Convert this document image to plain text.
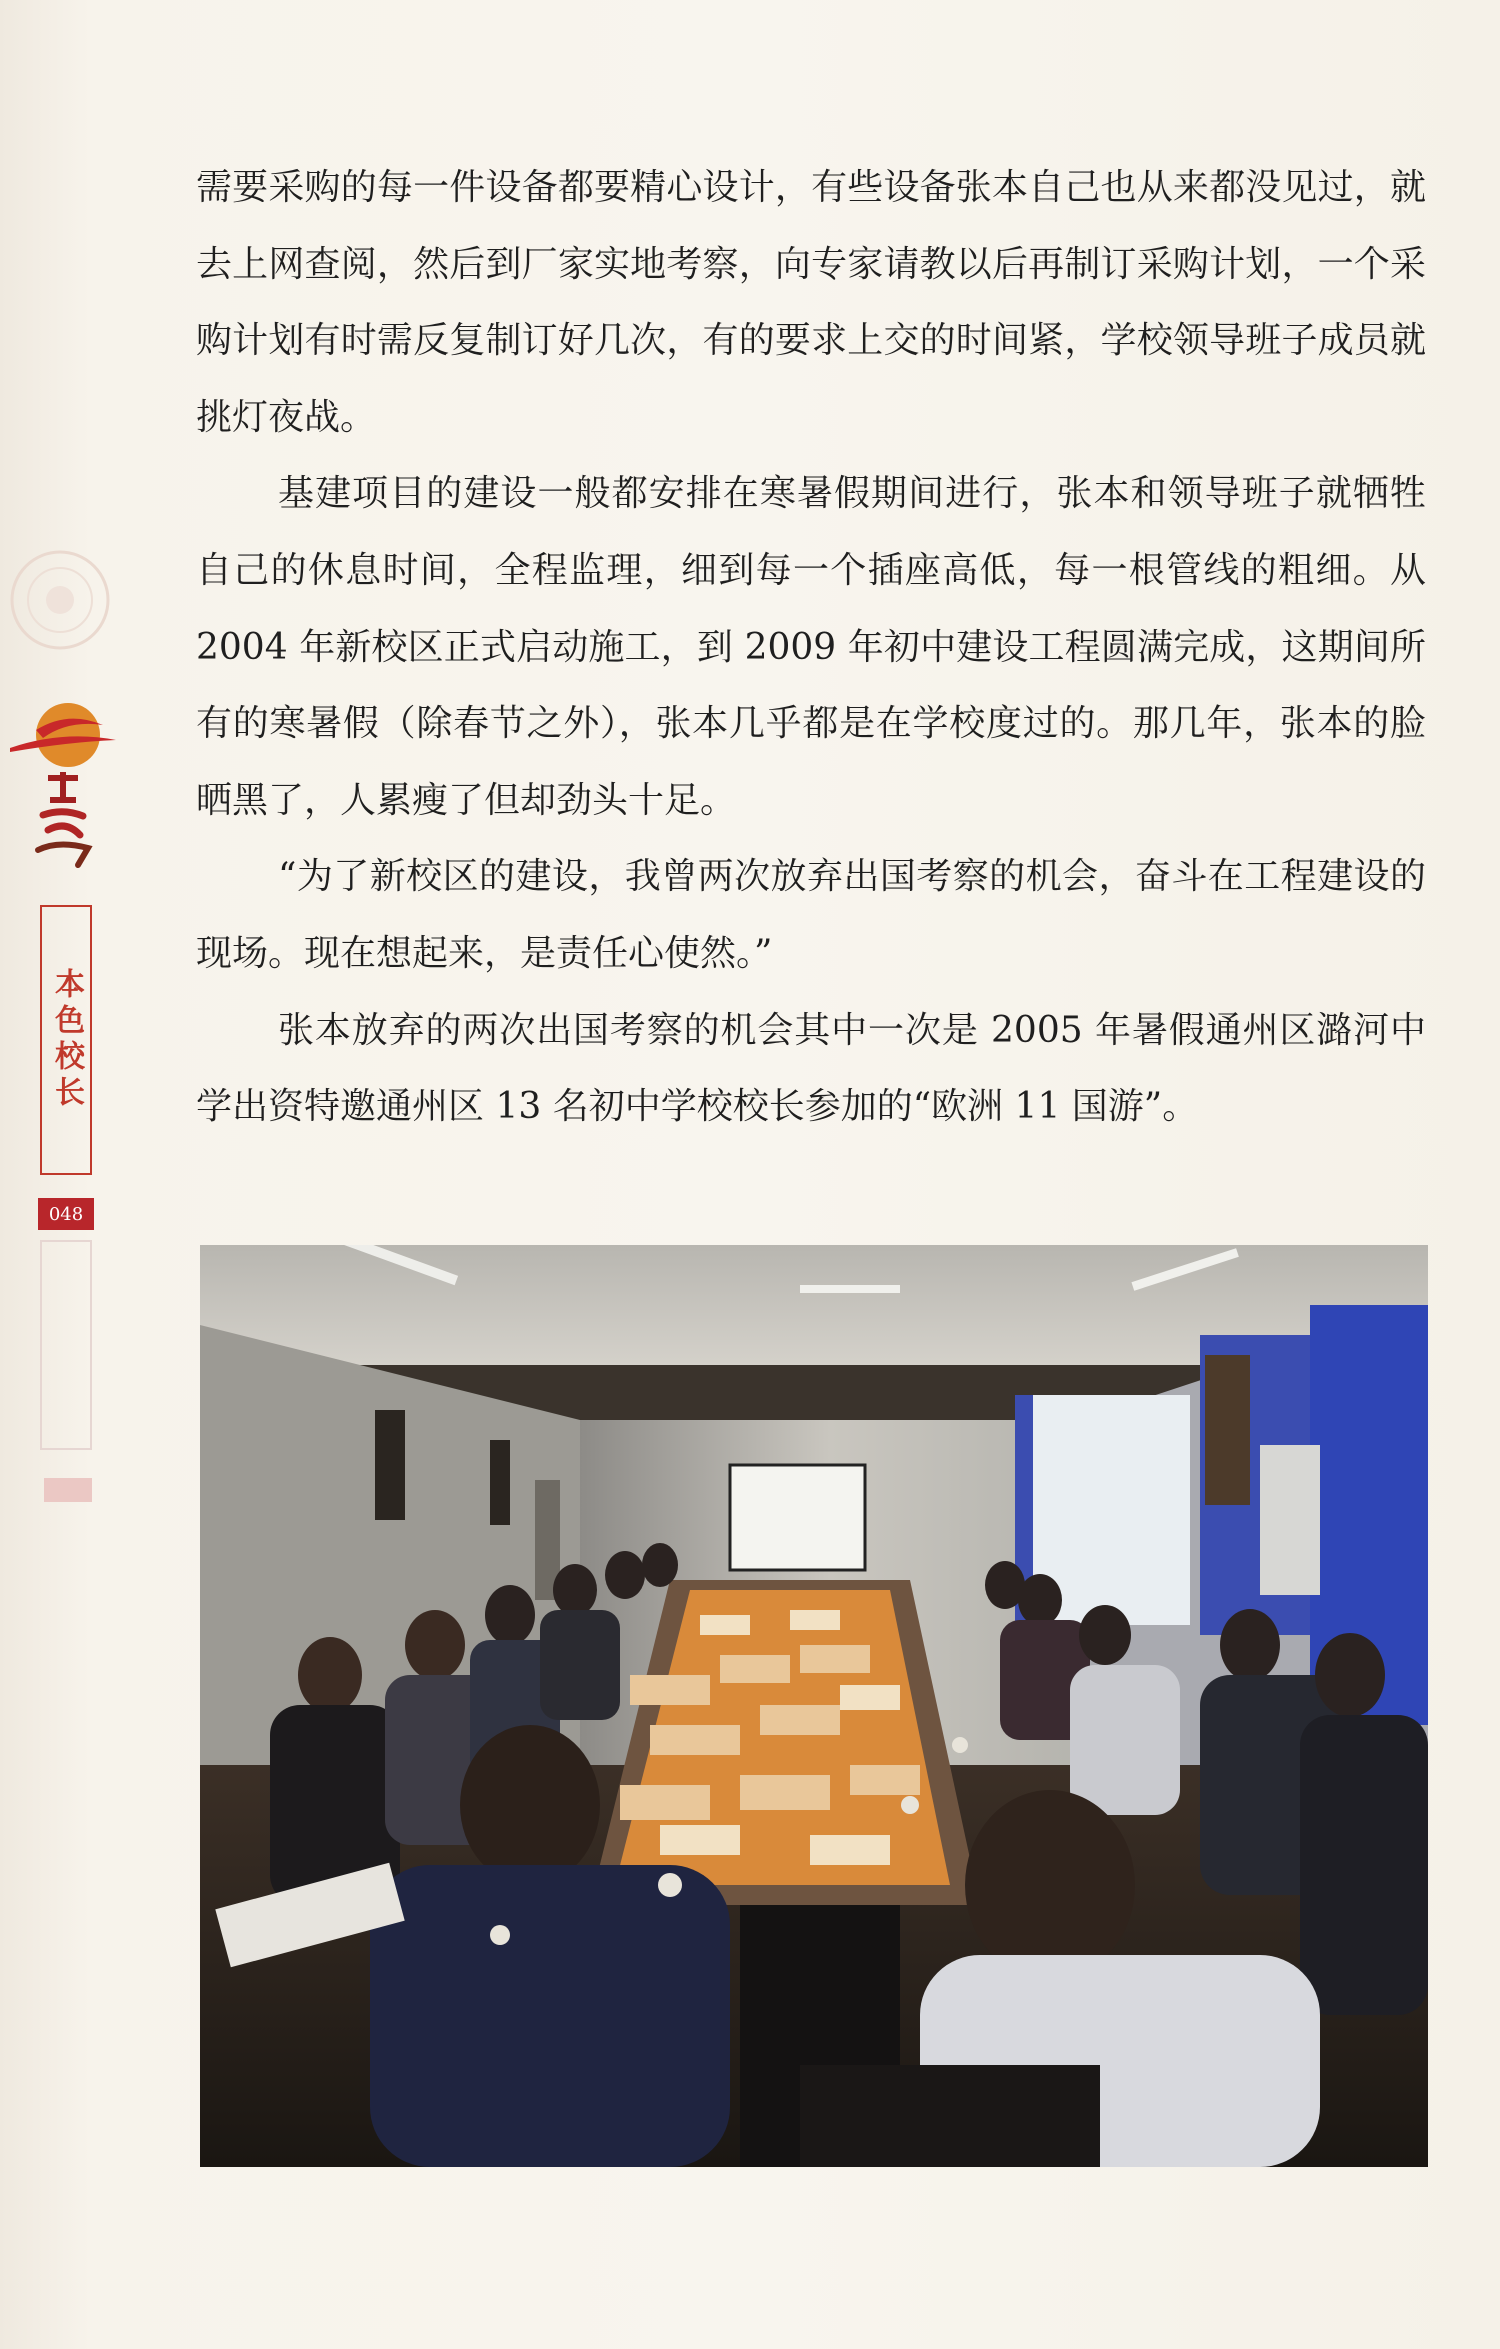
本色校长
048

需要采购的每一件设备都要精心设计，有些设备张本自己也从来都没见过，就去上网查阅，然后到厂家实地考察，向专家请教以后再制订采购计划，一个采购计划有时需反复制订好几次，有的要求上交的时间紧，学校领导班子成员就挑灯夜战。

基建项目的建设一般都安排在寒暑假期间进行，张本和领导班子就牺牲自己的休息时间，全程监理，细到每一个插座高低，每一根管线的粗细。从 2004 年新校区正式启动施工，到 2009 年初中建设工程圆满完成，这期间所有的寒暑假（除春节之外），张本几乎都是在学校度过的。那几年，张本的脸晒黑了，人累瘦了但却劲头十足。

“为了新校区的建设，我曾两次放弃出国考察的机会，奋斗在工程建设的现场。现在想起来，是责任心使然。”

张本放弃的两次出国考察的机会其中一次是 2005 年暑假通州区潞河中学出资特邀通州区 13 名初中学校校长参加的“欧洲 11 国游”。
